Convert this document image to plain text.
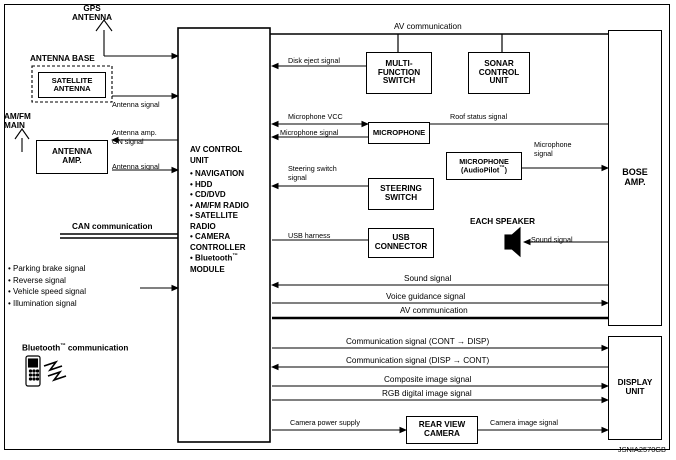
SATELLITE
ANTENNA
ANTENNA
AMP.
MULTI-
FUNCTION
SWITCH
SONAR
CONTROL
UNIT
MICROPHONE
MICROPHONE
(AudioPilot™)
STEERING
SWITCH
USB
CONNECTOR
BOSE
AMP.
DISPLAY
UNIT
REAR VIEW
CAMERA
AV CONTROL
UNIT
• NAVIGATION
• HDD
• CD/DVD
• AM/FM RADIO
• SATELLITE
RADIO
• CAMERA
CONTROLLER
• Bluetooth™
MODULE
GPS
ANTENNA
ANTENNA BASE
AM/FM
MAIN
Antenna signal
Antenna amp.
ON signal
Antenna signal
AV communication
Disk eject signal
Microphone VCC
Microphone signal
Roof status signal
Microphone
signal
Steering switch
signal
USB harness
EACH SPEAKER
Sound signal
CAN communication
• Parking brake signal
• Reverse signal
• Vehicle speed signal
• Illumination signal
Sound signal
Voice guidance signal
AV communication
Communication signal (CONT → DISP)
Communication signal (DISP → CONT)
Composite image signal
RGB digital image signal
Camera power supply	Camera image signal
Bluetooth™ communication
JSNIA2570GB
